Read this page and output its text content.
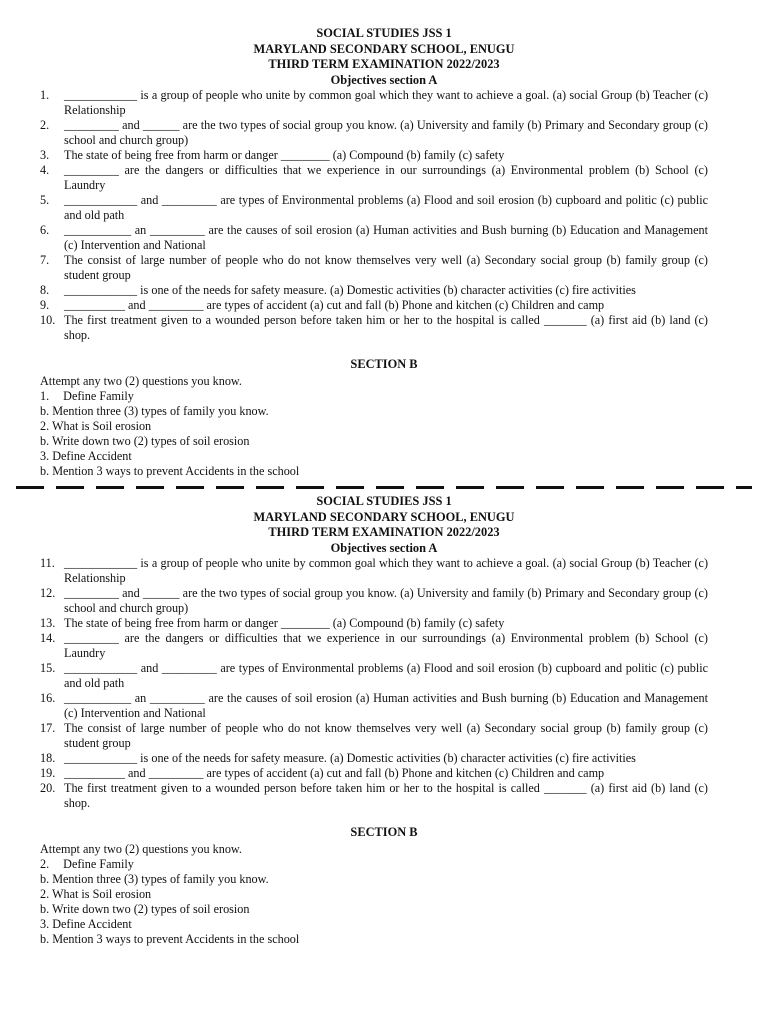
SOCIAL STUDIES JSS 1
MARYLAND SECONDARY SCHOOL, ENUGU
THIRD TERM EXAMINATION 2022/2023
Objectives section A
1.	____________ is a group of people who unite by common goal which they want to achieve a goal. (a) social Group (b) Teacher (c) Relationship
2.	_________ and ______ are the two types of social group you know. (a) University and family (b) Primary and Secondary group (c) school and church group)
3.	The state of being free from harm or danger ________ (a) Compound (b) family (c) safety
4.	_________ are the dangers or difficulties that we experience in our surroundings (a) Environmental problem (b) School (c) Laundry
5.	____________ and _________ are types of Environmental problems (a) Flood and soil erosion (b) cupboard and politic (c) public and old path
6.	___________ an _________ are the causes of soil erosion (a) Human activities and Bush burning (b) Education and Management (c) Intervention and National
7.	The consist of large number of people who do not know themselves very well (a) Secondary social group (b) family group (c) student group
8.	____________ is one of the needs for safety measure. (a) Domestic activities (b) character activities (c) fire activities
9.	__________ and _________ are types of accident (a) cut and fall (b) Phone and kitchen (c) Children and camp
10. The first treatment given to a wounded person before taken him or her to the hospital is called _______ (a) first aid (b) land (c) shop.
SECTION B
Attempt any two (2) questions you know.
1. Define Family
b. Mention three (3) types of family you know.
2. What is Soil erosion
b. Write down two (2) types of soil erosion
3. Define Accident
b. Mention 3 ways to prevent Accidents in the school
SOCIAL STUDIES JSS 1
MARYLAND SECONDARY SCHOOL, ENUGU
THIRD TERM EXAMINATION 2022/2023
Objectives section A
11. ____________ is a group of people who unite by common goal which they want to achieve a goal. (a) social Group (b) Teacher (c) Relationship
12. _________ and ______ are the two types of social group you know. (a) University and family (b) Primary and Secondary group (c) school and church group)
13. The state of being free from harm or danger ________ (a) Compound (b) family (c) safety
14. _________ are the dangers or difficulties that we experience in our surroundings (a) Environmental problem (b) School (c) Laundry
15. ____________ and _________ are types of Environmental problems (a) Flood and soil erosion (b) cupboard and politic (c) public and old path
16. ___________ an _________ are the causes of soil erosion (a) Human activities and Bush burning (b) Education and Management (c) Intervention and National
17. The consist of large number of people who do not know themselves very well (a) Secondary social group (b) family group (c) student group
18. ____________ is one of the needs for safety measure. (a) Domestic activities (b) character activities (c) fire activities
19. __________ and _________ are types of accident (a) cut and fall (b) Phone and kitchen (c) Children and camp
20. The first treatment given to a wounded person before taken him or her to the hospital is called _______ (a) first aid (b) land (c) shop.
SECTION B
Attempt any two (2) questions you know.
2. Define Family
b. Mention three (3) types of family you know.
2. What is Soil erosion
b. Write down two (2) types of soil erosion
3. Define Accident
b. Mention 3 ways to prevent Accidents in the school
